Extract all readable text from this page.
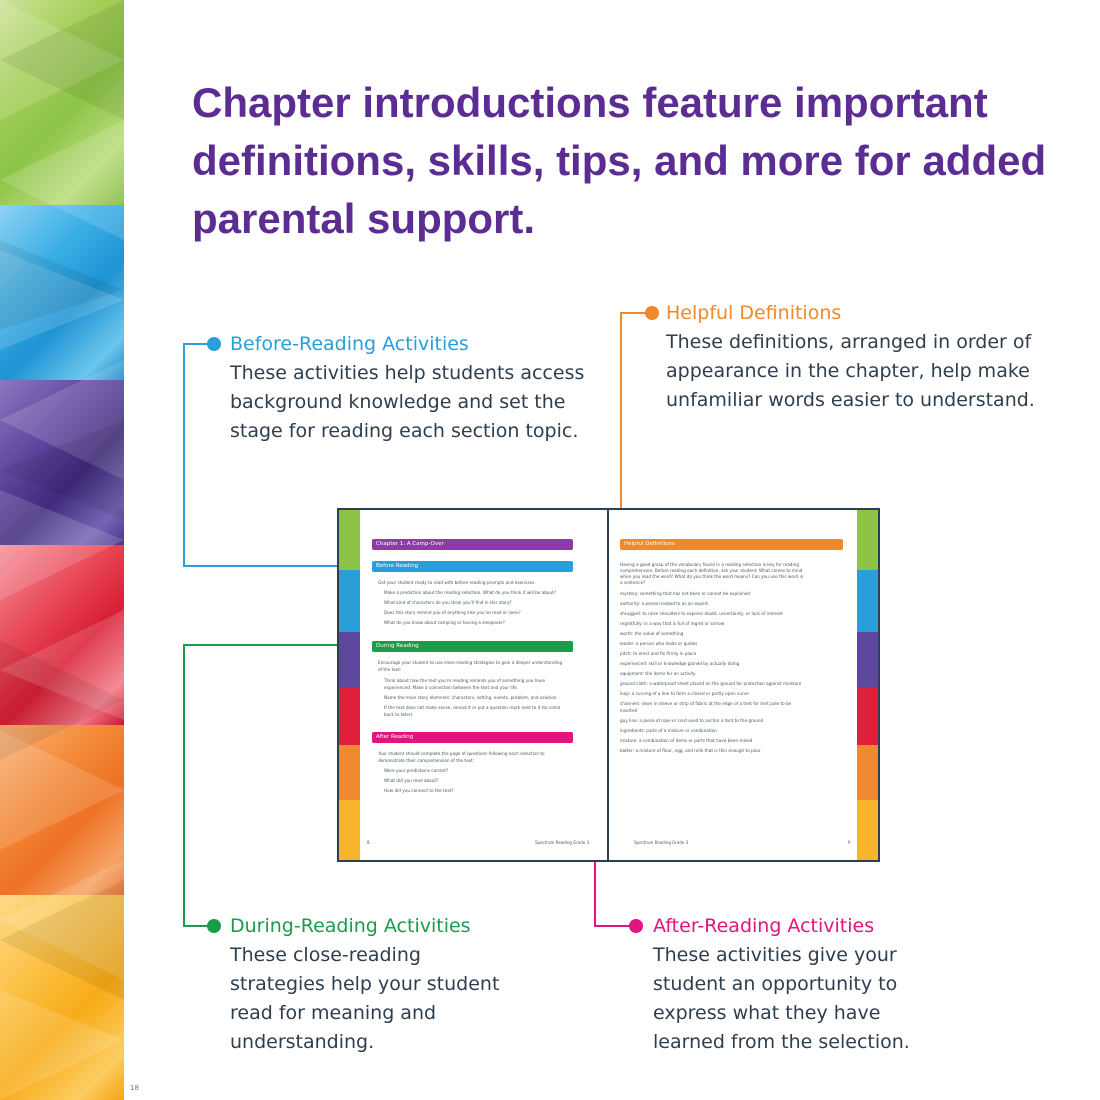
Chapter introductions feature important definitions, skills, tips, and more for added parental support.
Before-Reading Activities
These activities help students access
background knowledge and set the
stage for reading each section topic.
Helpful Definitions
These definitions, arranged in order of
appearance in the chapter, help make
unfamiliar words easier to understand.
During-Reading Activities
These close-reading
strategies help your student
read for meaning and
understanding.
After-Reading Activities
These activities give your
student an opportunity to
express what they have
learned from the selection.
Chapter 1: A Camp-Over
Before Reading
Get your student ready to read with before-reading prompts and exercises.
Make a prediction about the reading selection. What do you think it will be about?
What kind of characters do you think you'll find in this story?
Does this story remind you of anything else you've read or seen?
What do you know about camping or having a sleepover?
During Reading
Encourage your student to use close-reading strategies to gain a deeper understanding
of the text:
Think about how the text you're reading reminds you of something you have
experienced. Make a connection between the text and your life.
Name the main story elements: characters, setting, events, problem, and solution.
If the text does not make sense, reread it or put a question mark next to it (to come
back to later).
After Reading
Your student should complete the page of questions following each selection to
demonstrate their comprehension of the text:
Were your predictions correct?
What did you read about?
How did you connect to the text?
8	Spectrum Reading Grade 3
Helpful Definitions
Having a good grasp of the vocabulary found in a reading selection is key for reading
comprehension. Before reading each definition, ask your student: What comes to mind
when you read the word? What do you think the word means? Can you use this word in
a sentence?
mystery: something that has not been or cannot be explained
authority: a person looked to as an expert
shrugged: to raise shoulders to express doubt, uncertainty, or lack of interest
regretfully: in a way that is full of regret or sorrow
worth: the value of something
leader: a person who leads or guides
pitch: to erect and fix firmly in place
experienced: skill or knowledge gained by actually doing
equipment: the items for an activity
ground cloth: a waterproof sheet placed on the ground for protection against moisture
loop: a curving of a line to form a closed or partly open curve
channels: sewn in sleeve or strip of fabric at the edge of a tent for tent pole to be
inserted
guy line: a piece of rope or cord used to anchor a tent to the ground
ingredients: parts of a mixture or combination
mixture: a combination of items or parts that have been mixed
batter: a mixture of flour, egg, and milk that is thin enough to pour
Spectrum Reading Grade 3	9
18
